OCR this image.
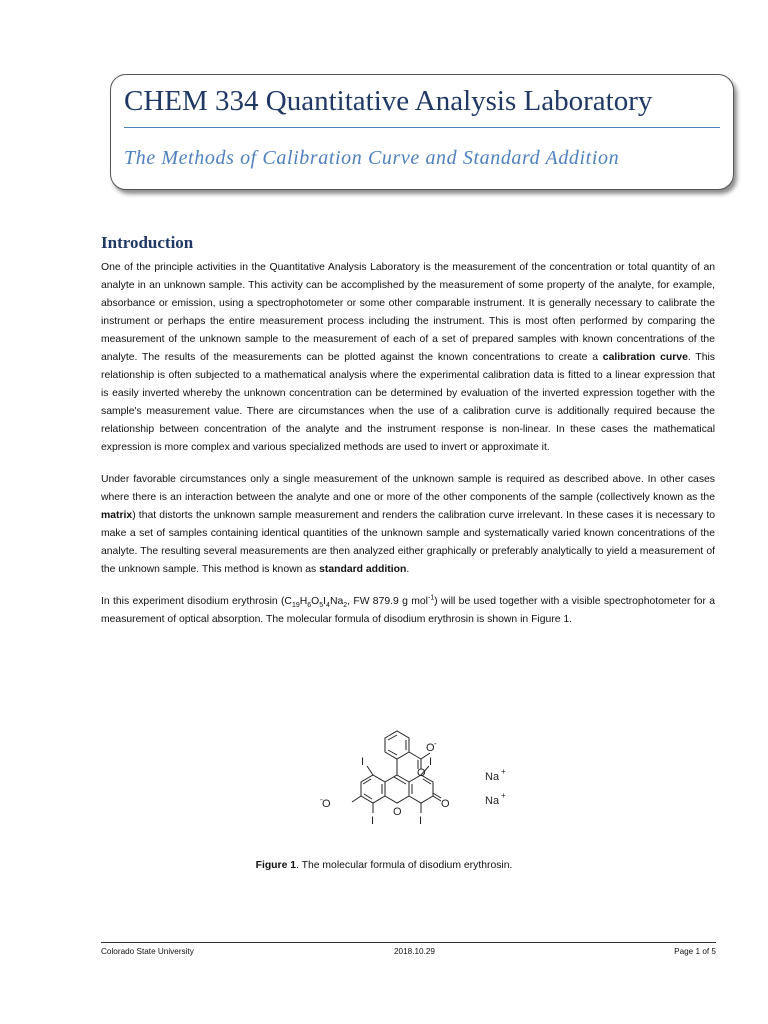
CHEM 334 Quantitative Analysis Laboratory
The Methods of Calibration Curve and Standard Addition
Introduction

One of the principle activities in the Quantitative Analysis Laboratory is the measurement of the concentration or total quantity of an analyte in an unknown sample. This activity can be accomplished by the measurement of some property of the analyte, for example, absorbance or emission, using a spectrophotometer or some other comparable instrument. It is generally necessary to calibrate the instrument or perhaps the entire measurement process including the instrument. This is most often performed by comparing the measurement of the unknown sample to the measurement of each of a set of prepared samples with known concentrations of the analyte. The results of the measurements can be plotted against the known concentrations to create a calibration curve. This relationship is often subjected to a mathematical analysis where the experimental calibration data is fitted to a linear expression that is easily inverted whereby the unknown concentration can be determined by evaluation of the inverted expression together with the sample's measurement value. There are circumstances when the use of a calibration curve is additionally required because the relationship between concentration of the analyte and the instrument response is non-linear. In these cases the mathematical expression is more complex and various specialized methods are used to invert or approximate it.

Under favorable circumstances only a single measurement of the unknown sample is required as described above. In other cases where there is an interaction between the analyte and one or more of the other components of the sample (collectively known as the matrix) that distorts the unknown sample measurement and renders the calibration curve irrelevant. In these cases it is necessary to make a set of samples containing identical quantities of the unknown sample and systematically varied known concentrations of the analyte. The resulting several measurements are then analyzed either graphically or preferably analytically to yield a measurement of the unknown sample. This method is known as standard addition.

In this experiment disodium erythrosin ($C_{19}H_6O_5I_4Na_2$, FW 879.9 g mol$^{-1}$) will be used together with a visible spectrophotometer for a measurement of optical absorption. The molecular formula of disodium erythrosin is shown in Figure 1.

O -
O
I	I
I	I
- O
O
O
Na +
Na +
Figure 1. The molecular formula of disodium erythrosin.
Colorado State University	2018.10.29	Page 1 of 5
